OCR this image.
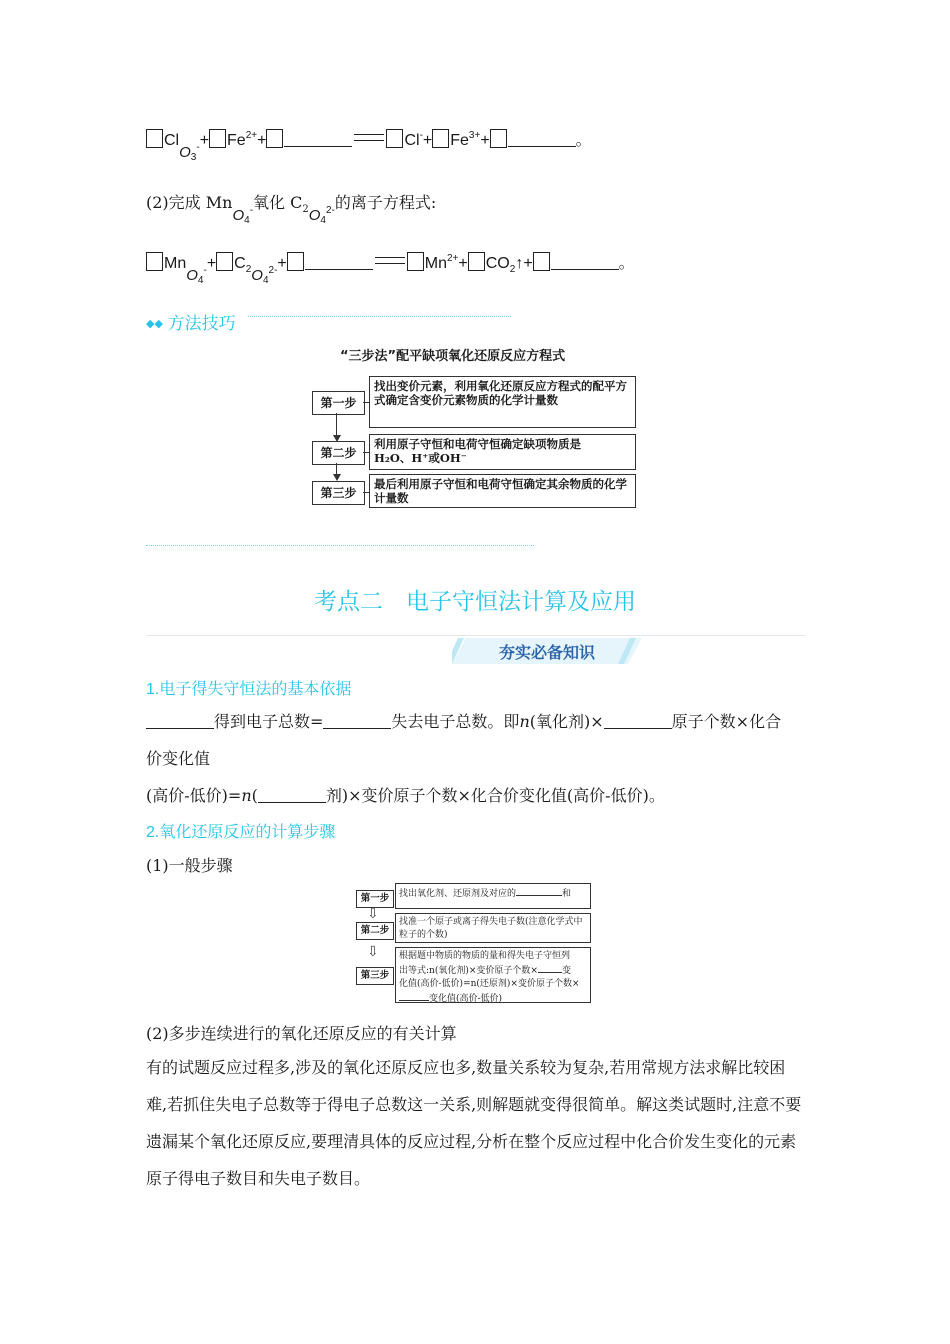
$ClO_3^-+ Fe^{2+}+$	$Cl^-+ Fe^{3+}+$	。
(2)完成 MnO$_4$-氧化 $C_2O_4^{2-}$的离子方程式:
$MnO_4^-+ C_2O_4^{2-}+$	$Mn^{2+}+$ $CO_2↑+$	。
◆◆ 方法技巧
“三步法”配平缺项氧化还原反应方程式
第一步
找出变价元素，利用氧化还原反应方程式的配平方式确定含变价元素物质的化学计量数
第二步
利用原子守恒和电荷守恒确定缺项物质是
H₂O、H⁺或OH⁻
第三步
最后利用原子守恒和电荷守恒确定其余物质的化学计量数
考点二　电子守恒法计算及应用
夯实必备知识
1.电子得失守恒法的基本依据
得到电子总数=	失去电子总数。即n(氧化剂)×	原子个数×化合
价变化值
(高价-低价)=n(	剂)×变价原子个数×化合价变化值(高价-低价)。
2.氧化还原反应的计算步骤
(1)一般步骤
第一步	找出氧化剂、还原剂及对应的	和
⇩
第二步
找准一个原子或离子得失电子数(注意化学式中粒子的个数)
⇩
第三步
根据题中物质的物质的量和得失电子守恒列
出等式:n(氧化剂)×变价原子个数×	变
化值(高价-低价)=n(还原剂)×变价原子个数×
变化值(高价-低价)
(2)多步连续进行的氧化还原反应的有关计算
有的试题反应过程多,涉及的氧化还原反应也多,数量关系较为复杂,若用常规方法求解比较困难,若抓住失电子总数等于得电子总数这一关系,则解题就变得很简单。解这类试题时,注意不要遗漏某个氧化还原反应,要理清具体的反应过程,分析在整个反应过程中化合价发生变化的元素原子得电子数目和失电子数目。
